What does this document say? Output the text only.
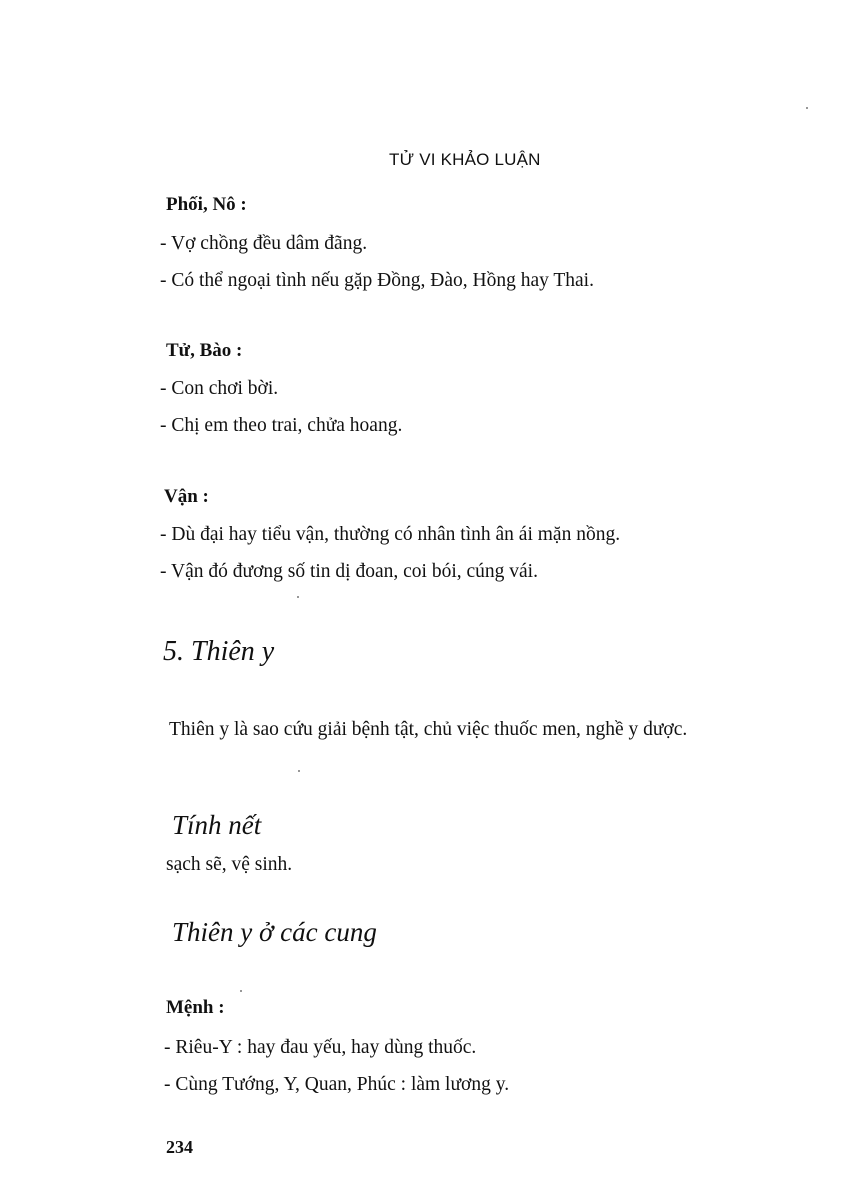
TỬ VI KHẢO LUẬN
Phối, Nô :
- Vợ chồng đều dâm đãng.
- Có thể ngoại tình nếu gặp Đồng, Đào, Hồng hay Thai.
Tử, Bào :
- Con chơi bời.
- Chị em theo trai, chửa hoang.
Vận :
- Dù đại hay tiểu vận, thường có nhân tình ân ái mặn nồng.
- Vận đó đương số tin dị đoan, coi bói, cúng vái.
5. Thiên y
Thiên y là sao cứu giải bệnh tật, chủ việc thuốc men, nghề y dược.
Tính nết
sạch sẽ, vệ sinh.
Thiên y ở các cung
Mệnh :
- Riêu-Y : hay đau yếu, hay dùng thuốc.
- Cùng Tướng, Y, Quan, Phúc : làm lương y.
234
